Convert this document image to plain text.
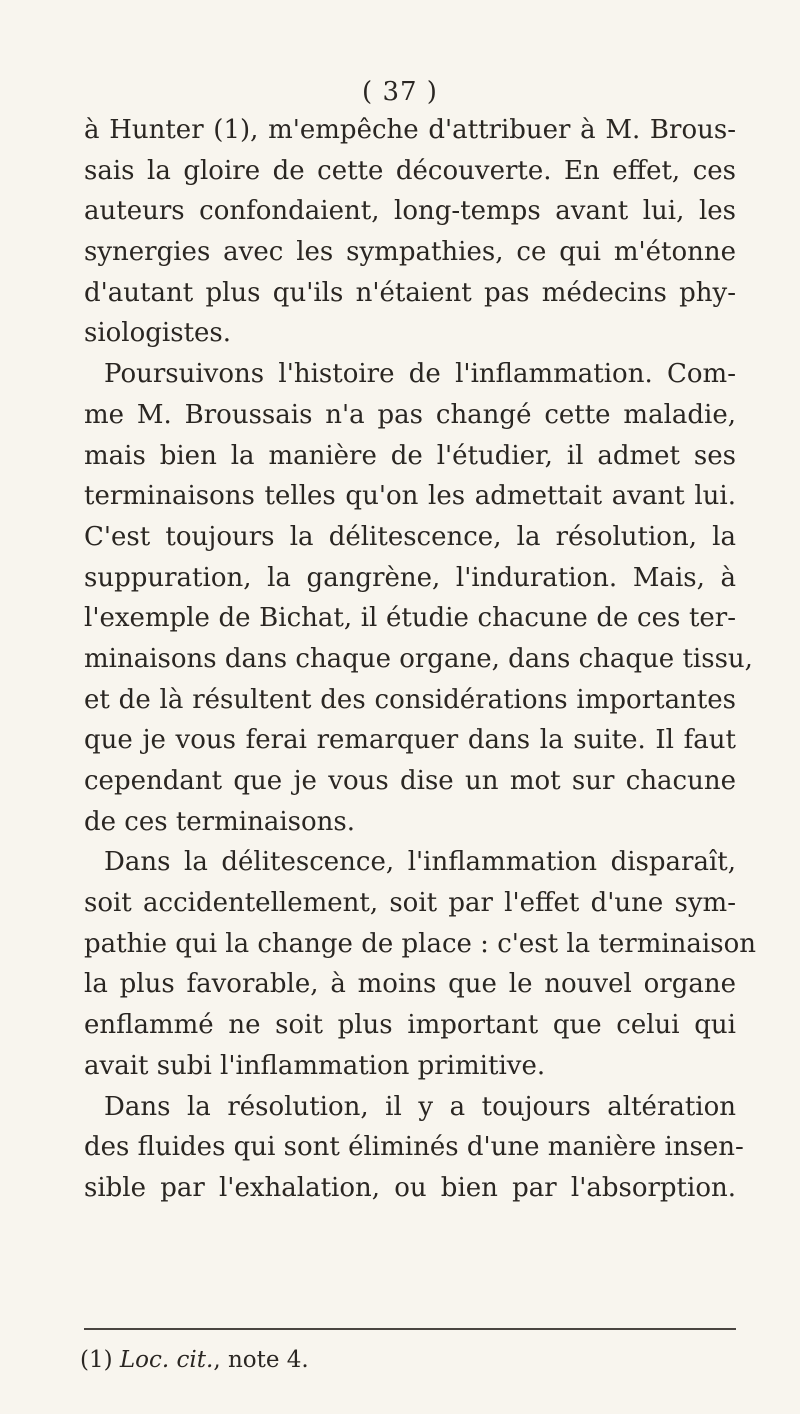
( 37 )
à Hunter (1), m'empêche d'attribuer à M. Brous-
sais la gloire de cette découverte. En effet, ces
auteurs confondaient, long-temps avant lui, les
synergies avec les sympathies, ce qui m'étonne
d'autant plus qu'ils n'étaient pas médecins phy-
siologistes.
Poursuivons l'histoire de l'inflammation. Com-
me M. Broussais n'a pas changé cette maladie,
mais bien la manière de l'étudier, il admet ses
terminaisons telles qu'on les admettait avant lui.
C'est toujours la délitescence, la résolution, la
suppuration, la gangrène, l'induration. Mais, à
l'exemple de Bichat, il étudie chacune de ces ter-
minaisons dans chaque organe, dans chaque tissu,
et de là résultent des considérations importantes
que je vous ferai remarquer dans la suite. Il faut
cependant que je vous dise un mot sur chacune
de ces terminaisons.
Dans la délitescence, l'inflammation disparaît,
soit accidentellement, soit par l'effet d'une sym-
pathie qui la change de place : c'est la terminaison
la plus favorable, à moins que le nouvel organe
enflammé ne soit plus important que celui qui
avait subi l'inflammation primitive.
Dans la résolution, il y a toujours altération
des fluides qui sont éliminés d'une manière insen-
sible par l'exhalation, ou bien par l'absorption.
(1) Loc. cit., note 4.
